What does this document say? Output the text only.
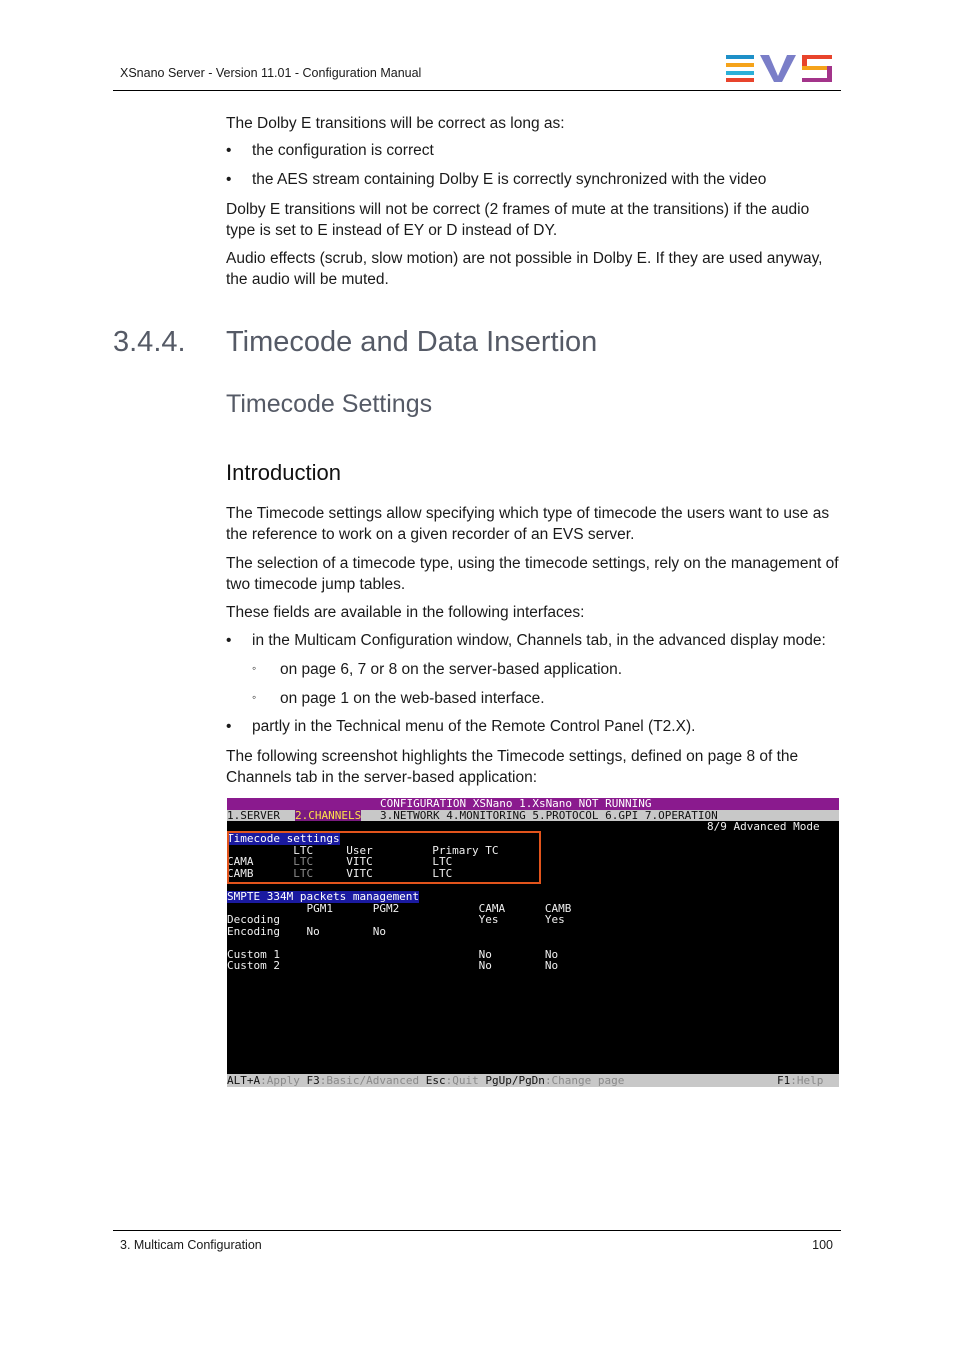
XSnano Server - Version 11.01 - Configuration Manual
The Dolby E transitions will be correct as long as:
• the configuration is correct
• the AES stream containing Dolby E is correctly synchronized with the video
Dolby E transitions will not be correct (2 frames of mute at the transitions) if the audio type is set to E instead of EY or D instead of DY.
Audio effects (scrub, slow motion) are not possible in Dolby E. If they are used anyway, the audio will be muted.
3.4.4. Timecode and Data Insertion
Timecode Settings
Introduction
The Timecode settings allow specifying which type of timecode the users want to use as the reference to work on a given recorder of an EVS server.
The selection of a timecode type, using the timecode settings, rely on the management of two timecode jump tables.
These fields are available in the following interfaces:
• in the Multicam Configuration window, Channels tab, in the advanced display mode:
◦ on page 6, 7 or 8 on the server-based application.
◦ on page 1 on the web-based interface.
• partly in the Technical menu of the Remote Control Panel (T2.X).
The following screenshot highlights the Timecode settings, defined on page 8 of the Channels tab in the server-based application:
CONFIGURATION XSNano 1.XsNano NOT RUNNING
1.SERVER 2.CHANNELS 3.NETWORK 4.MONITORING 5.PROTOCOL 6.GPI 7.OPERATION
8/9 Advanced Mode
Timecode settings
LTC     User         Primary TC
CAMA	LTC     VITC         LTC
CAMB	LTC     VITC         LTC
SMPTE 334M packets management
PGM1      PGM2            CAMA      CAMB
Decoding                              Yes       Yes
Encoding    No        No
Custom 1                              No        No
Custom 2                              No        No
ALT+A:Apply F3:Basic/Advanced Esc:Quit PgUp/PgDn:Change page	F1:Help
3. Multicam Configuration	100
